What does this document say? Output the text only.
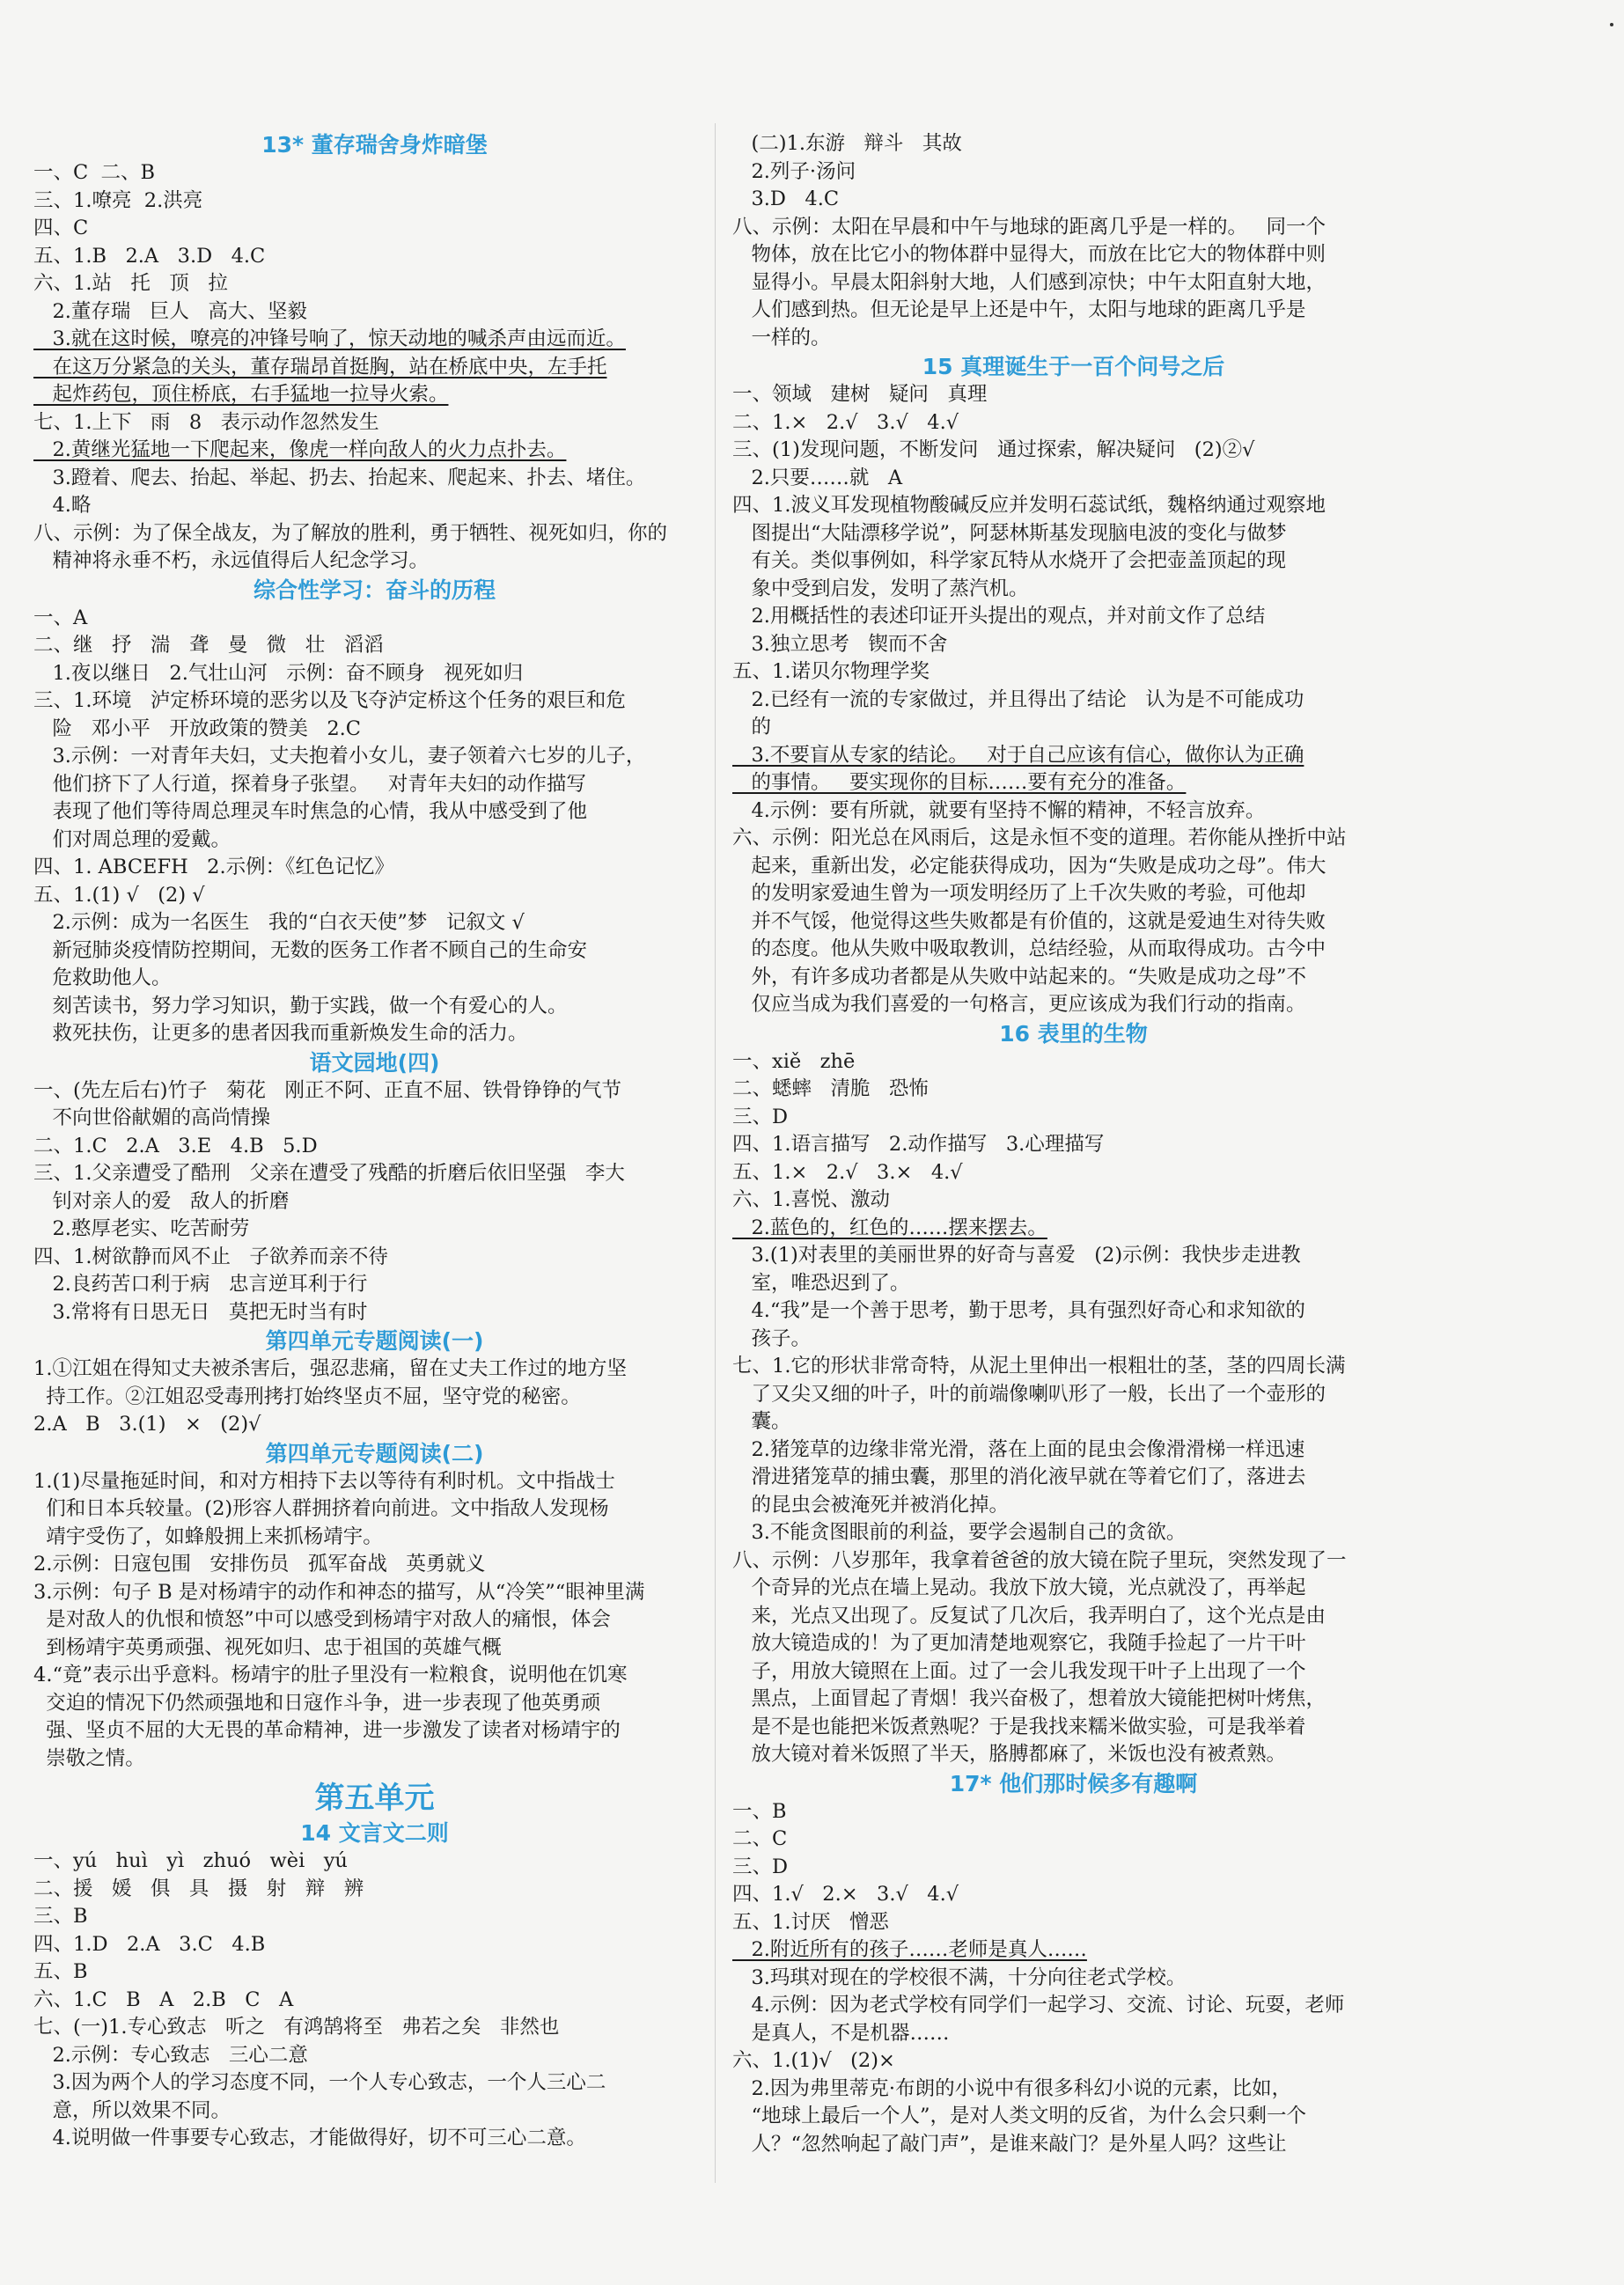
13* 董存瑞舍身炸暗堡
一、C  二、B
三、1.嘹亮  2.洪亮
四、C
五、1.B   2.A   3.D   4.C
六、1.站   托   顶   拉
2.董存瑞   巨人   高大、坚毅
3.就在这时候，嘹亮的冲锋号响了，惊天动地的喊杀声由远而近。
在这万分紧急的关头，董存瑞昂首挺胸，站在桥底中央，左手托
起炸药包，顶住桥底，右手猛地一拉导火索。
七、1.上下   雨   8   表示动作忽然发生
2.黄继光猛地一下爬起来，像虎一样向敌人的火力点扑去。
3.蹬着、爬去、抬起、举起、扔去、抬起来、爬起来、扑去、堵住。
4.略
八、示例：为了保全战友，为了解放的胜利，勇于牺牲、视死如归，你的
精神将永垂不朽，永远值得后人纪念学习。
综合性学习：奋斗的历程
一、A
二、继   抒   湍   聋   曼   微   壮   滔滔
1.夜以继日   2.气壮山河   示例：奋不顾身   视死如归
三、1.环境   泸定桥环境的恶劣以及飞夺泸定桥这个任务的艰巨和危
险   邓小平   开放政策的赞美   2.C
3.示例：一对青年夫妇，丈夫抱着小女儿，妻子领着六七岁的儿子，
他们挤下了人行道，探着身子张望。   对青年夫妇的动作描写
表现了他们等待周总理灵车时焦急的心情，我从中感受到了他
们对周总理的爱戴。
四、1. ABCEFH   2.示例：《红色记忆》
五、1.(1) √   (2) √
2.示例：成为一名医生   我的“白衣天使”梦   记叙文 √
新冠肺炎疫情防控期间，无数的医务工作者不顾自己的生命安
危救助他人。
刻苦读书，努力学习知识，勤于实践，做一个有爱心的人。
救死扶伤，让更多的患者因我而重新焕发生命的活力。
语文园地(四)
一、(先左后右)竹子   菊花   刚正不阿、正直不屈、铁骨铮铮的气节
不向世俗献媚的高尚情操
二、1.C   2.A   3.E   4.B   5.D
三、1.父亲遭受了酷刑   父亲在遭受了残酷的折磨后依旧坚强   李大
钊对亲人的爱   敌人的折磨
2.憨厚老实、吃苦耐劳
四、1.树欲静而风不止   子欲养而亲不待
2.良药苦口利于病   忠言逆耳利于行
3.常将有日思无日   莫把无时当有时
第四单元专题阅读(一)
1.①江姐在得知丈夫被杀害后，强忍悲痛，留在丈夫工作过的地方坚
持工作。②江姐忍受毒刑拷打始终坚贞不屈，坚守党的秘密。
2.A   B   3.(1)   ×   (2)√
第四单元专题阅读(二)
1.(1)尽量拖延时间，和对方相持下去以等待有利时机。文中指战士
们和日本兵较量。(2)形容人群拥挤着向前进。文中指敌人发现杨
靖宇受伤了，如蜂般拥上来抓杨靖宇。
2.示例：日寇包围   安排伤员   孤军奋战   英勇就义
3.示例：句子 B 是对杨靖宇的动作和神态的描写，从“冷笑”“眼神里满
是对敌人的仇恨和愤怒”中可以感受到杨靖宇对敌人的痛恨，体会
到杨靖宇英勇顽强、视死如归、忠于祖国的英雄气概
4.“竟”表示出乎意料。杨靖宇的肚子里没有一粒粮食，说明他在饥寒
交迫的情况下仍然顽强地和日寇作斗争，进一步表现了他英勇顽
强、坚贞不屈的大无畏的革命精神，进一步激发了读者对杨靖宇的
崇敬之情。
第五单元
14 文言文二则
一、yú   huì   yì   zhuó   wèi   yú
二、援   媛   俱   具   摄   射   辩   辨
三、B
四、1.D   2.A   3.C   4.B
五、B
六、1.C   B   A   2.B   C   A
七、(一)1.专心致志   听之   有鸿鹄将至   弗若之矣   非然也
2.示例：专心致志   三心二意
3.因为两个人的学习态度不同，一个人专心致志，一个人三心二
意，所以效果不同。
4.说明做一件事要专心致志，才能做得好，切不可三心二意。
(二)1.东游   辩斗   其故
2.列子·汤问
3.D   4.C
八、示例：太阳在早晨和中午与地球的距离几乎是一样的。   同一个
物体，放在比它小的物体群中显得大，而放在比它大的物体群中则
显得小。早晨太阳斜射大地，人们感到凉快；中午太阳直射大地，
人们感到热。但无论是早上还是中午，太阳与地球的距离几乎是
一样的。
15 真理诞生于一百个问号之后
一、领域   建树   疑问   真理
二、1.×   2.√   3.√   4.√
三、(1)发现问题，不断发问   通过探索，解决疑问   (2)②√
2.只要……就   A
四、1.波义耳发现植物酸碱反应并发明石蕊试纸，魏格纳通过观察地
图提出“大陆漂移学说”，阿瑟林斯基发现脑电波的变化与做梦
有关。类似事例如，科学家瓦特从水烧开了会把壶盖顶起的现
象中受到启发，发明了蒸汽机。
2.用概括性的表述印证开头提出的观点，并对前文作了总结
3.独立思考   锲而不舍
五、1.诺贝尔物理学奖
2.已经有一流的专家做过，并且得出了结论   认为是不可能成功
的
3.不要盲从专家的结论。   对于自己应该有信心，做你认为正确
的事情。   要实现你的目标……要有充分的准备。
4.示例：要有所就，就要有坚持不懈的精神，不轻言放弃。
六、示例：阳光总在风雨后，这是永恒不变的道理。若你能从挫折中站
起来，重新出发，必定能获得成功，因为“失败是成功之母”。伟大
的发明家爱迪生曾为一项发明经历了上千次失败的考验，可他却
并不气馁，他觉得这些失败都是有价值的，这就是爱迪生对待失败
的态度。他从失败中吸取教训，总结经验，从而取得成功。古今中
外，有许多成功者都是从失败中站起来的。“失败是成功之母”不
仅应当成为我们喜爱的一句格言，更应该成为我们行动的指南。
16 表里的生物
一、xiě   zhē
二、蟋蟀   清脆   恐怖
三、D
四、1.语言描写   2.动作描写   3.心理描写
五、1.×   2.√   3.×   4.√
六、1.喜悦、激动
2.蓝色的，红色的……摆来摆去。
3.(1)对表里的美丽世界的好奇与喜爱   (2)示例：我快步走进教
室，唯恐迟到了。
4.“我”是一个善于思考，勤于思考，具有强烈好奇心和求知欲的
孩子。
七、1.它的形状非常奇特，从泥土里伸出一根粗壮的茎，茎的四周长满
了又尖又细的叶子，叶的前端像喇叭形了一般，长出了一个壶形的
囊。
2.猪笼草的边缘非常光滑，落在上面的昆虫会像滑滑梯一样迅速
滑进猪笼草的捕虫囊，那里的消化液早就在等着它们了，落进去
的昆虫会被淹死并被消化掉。
3.不能贪图眼前的利益，要学会遏制自己的贪欲。
八、示例：八岁那年，我拿着爸爸的放大镜在院子里玩，突然发现了一
个奇异的光点在墙上晃动。我放下放大镜，光点就没了，再举起
来，光点又出现了。反复试了几次后，我弄明白了，这个光点是由
放大镜造成的！为了更加清楚地观察它，我随手捡起了一片干叶
子，用放大镜照在上面。过了一会儿我发现干叶子上出现了一个
黑点，上面冒起了青烟！我兴奋极了，想着放大镜能把树叶烤焦，
是不是也能把米饭煮熟呢？于是我找来糯米做实验，可是我举着
放大镜对着米饭照了半天，胳膊都麻了，米饭也没有被煮熟。
17* 他们那时候多有趣啊
一、B
二、C
三、D
四、1.√   2.×   3.√   4.√
五、1.讨厌   憎恶
2.附近所有的孩子……老师是真人……
3.玛琪对现在的学校很不满，十分向往老式学校。
4.示例：因为老式学校有同学们一起学习、交流、讨论、玩耍，老师
是真人，不是机器……
六、1.(1)√   (2)×
2.因为弗里蒂克·布朗的小说中有很多科幻小说的元素，比如，
“地球上最后一个人”，是对人类文明的反省，为什么会只剩一个
人？“忽然响起了敲门声”，是谁来敲门？是外星人吗？这些让
